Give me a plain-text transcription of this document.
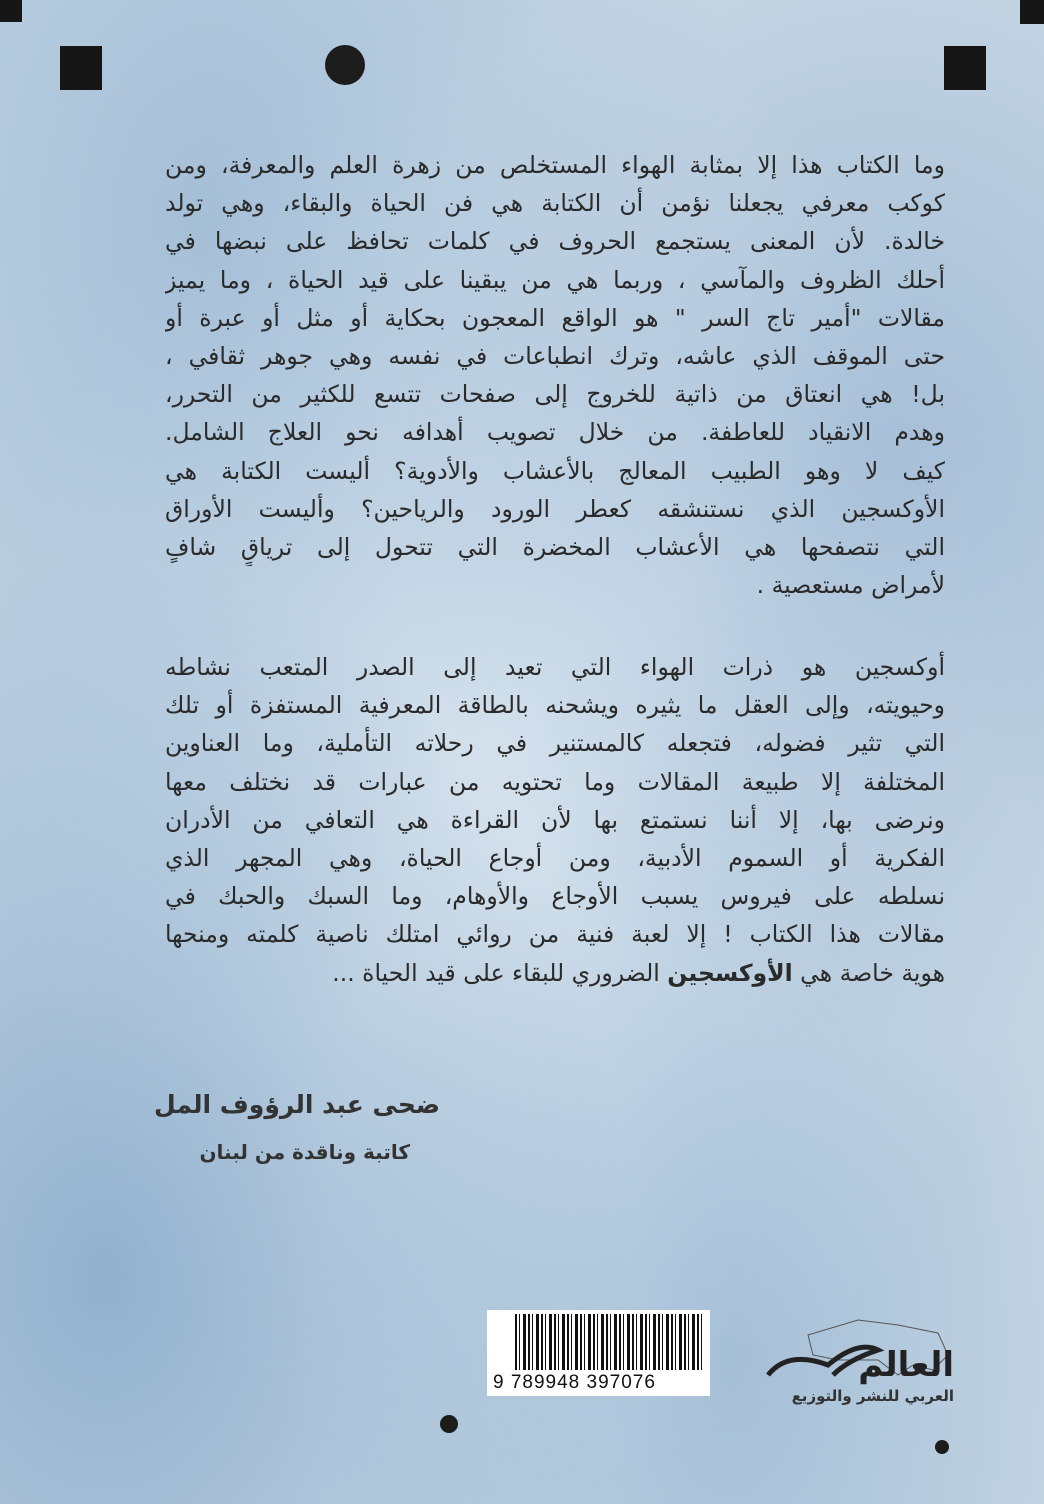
وما الكتاب هذا إلا بمثابة الهواء المستخلص من زهرة العلم والمعرفة، ومن
كوكب معرفي يجعلنا نؤمن أن الكتابة هي فن الحياة والبقاء، وهي تولد
خالدة. لأن المعنى يستجمع الحروف في كلمات تحافظ على نبضها في
أحلك الظروف والمآسي ، وربما هي من يبقينا على قيد الحياة ، وما يميز
مقالات "أمير تاج السر " هو الواقع المعجون بحكاية أو مثل أو عبرة أو
حتى الموقف الذي عاشه، وترك انطباعات في نفسه وهي جوهر ثقافي ،
بل! هي انعتاق من ذاتية للخروج إلى صفحات تتسع للكثير من التحرر،
وهدم الانقياد للعاطفة. من خلال تصويب أهدافه نحو العلاج الشامل.
كيف لا وهو الطبيب المعالج بالأعشاب والأدوية؟ أليست الكتابة هي
الأوكسجين الذي نستنشقه كعطر الورود والرياحين؟ وأليست الأوراق
التي نتصفحها هي الأعشاب المخضرة التي تتحول إلى ترياقٍ شافٍ
لأمراض مستعصية .
أوكسجين هو ذرات الهواء التي تعيد إلى الصدر المتعب نشاطه
وحيويته، وإلى العقل ما يثيره ويشحنه بالطاقة المعرفية المستفزة أو تلك
التي تثير فضوله، فتجعله كالمستنير في رحلاته التأملية، وما العناوين
المختلفة إلا طبيعة المقالات وما تحتويه من عبارات قد نختلف معها
ونرضى بها، إلا أننا نستمتع بها لأن القراءة هي التعافي من الأدران
الفكرية أو السموم الأدبية، ومن أوجاع الحياة، وهي المجهر الذي
نسلطه على فيروس يسبب الأوجاع والأوهام، وما السبك والحبك في
مقالات هذا الكتاب ! إلا لعبة فنية من روائي امتلك ناصية كلمته ومنحها
هوية خاصة هي الأوكسجين الضروري للبقاء على قيد الحياة ...
ضحى عبد الرؤوف المل
كاتبة وناقدة من لبنان
9 789948 397076	العالم
العربي للنشر والتوزيع
